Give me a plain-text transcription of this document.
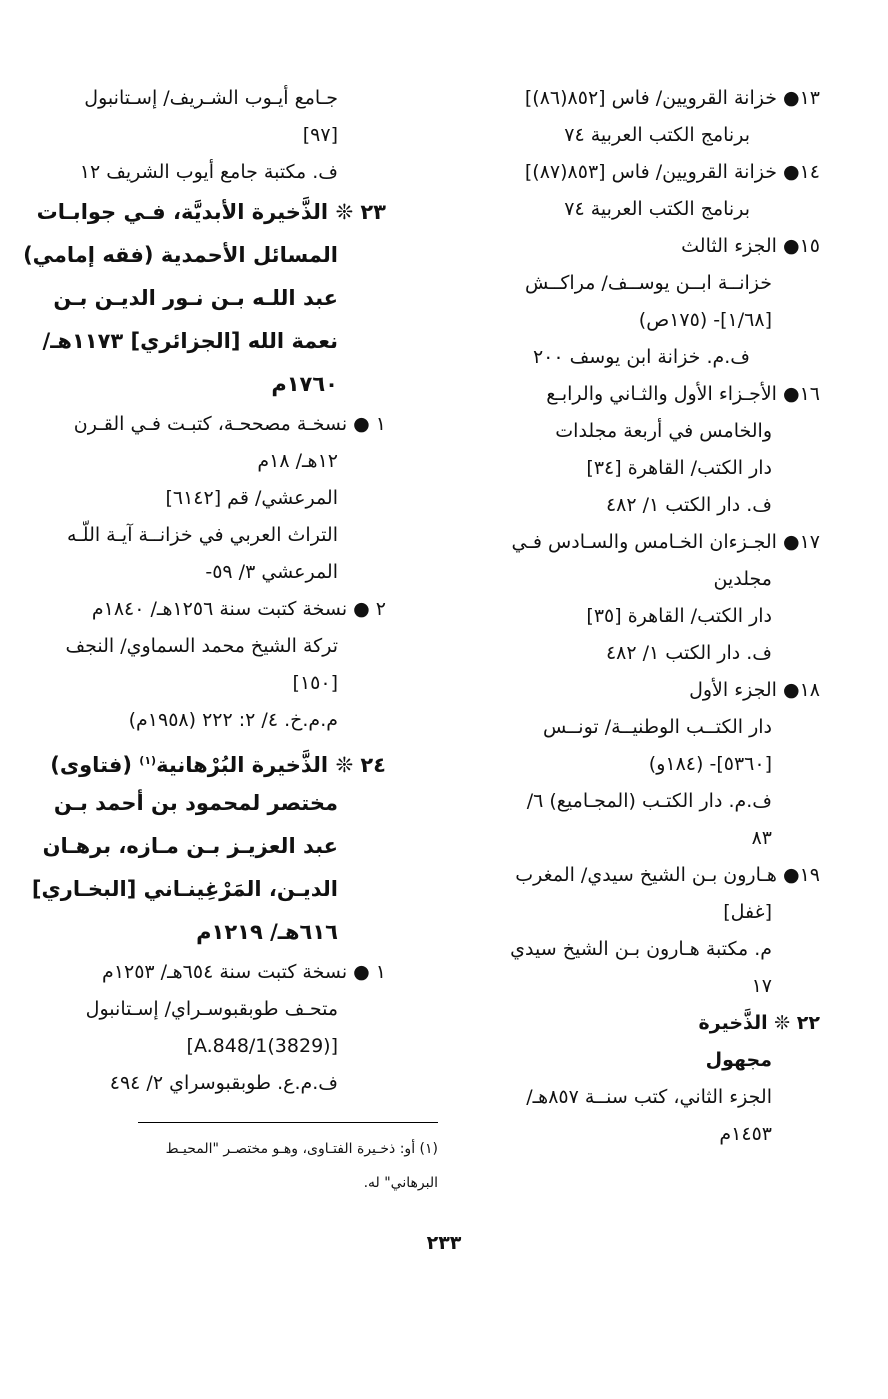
١٣● خزانة القرويين/ فاس [٨٥٢(٨٦)]
برنامج الكتب العربية ٧٤
١٤● خزانة القرويين/ فاس [٨٥٣(٨٧)]
برنامج الكتب العربية ٧٤
١٥● الجزء الثالث
خزانــة ابــن يوســف/ مراكــش
[١/٦٨]- (١٧٥ص)
ف.م. خزانة ابن يوسف ٢٠٠
١٦● الأجـزاء الأول والثـاني والرابـع
والخامس في أربعة مجلدات
دار الكتب/ القاهرة [٣٤]
ف. دار الكتب ١/ ٤٨٢
١٧● الجـزءان الخـامس والسـادس فـي
مجلدين
دار الكتب/ القاهرة [٣٥]
ف. دار الكتب ١/ ٤٨٢
١٨● الجزء الأول
دار الكتــب الوطنيــة/ تونــس
[٥٣٦٠]- (١٨٤و)
ف.م. دار الكتـب (المجـاميع) ٦/
٨٣
١٩● هـارون بـن الشيخ سيدي/ المغرب
[غفل]
م. مكتبة هـارون بـن الشيخ سيدي
١٧
٢٢ ❊ الذَّخيرة
مجهول
الجزء الثاني، كتب سنــة ٨٥٧هـ/
١٤٥٣م
جـامع أيـوب الشـريف/ إسـتانبول
[٩٧]
ف. مكتبة جامع أيوب الشريف ١٢
٢٣ ❊ الذَّخيرة الأبديَّة، فـي جوابـات
المسائل الأحمدية (فقه إمامي)
عبد اللـه بـن نـور الديـن بـن
نعمة الله [الجزائري] ١١٧٣هـ/
١٧٦٠م
١ ● نسخـة مصححـة، كتبـت فـي القـرن
١٢هـ/ ١٨م
المرعشي/ قم [٦١٤٢]
التراث العربي في خزانــة آيـة اللّـه
المرعشي ٣/ ٥٩-
٢ ● نسخة كتبت سنة ١٢٥٦هـ/ ١٨٤٠م
تركة الشيخ محمد السماوي/ النجف
[١٥٠]
م.م.خ. ٤/ ٢: ٢٢٢ (١٩٥٨م)
٢٤ ❊ الذَّخيرة البُرْهانية$^{(١)}$ (فتاوى)
مختصر لمحمود بن أحمد بـن
عبد العزيـز بـن مـازه، برهـان
الديـن، المَرْغِينـاني [البخـاري]
٦١٦هـ/ ١٢١٩م
١ ● نسخة كتبت سنة ٦٥٤هـ/ ١٢٥٣م
متحـف طوبقبوسـراي/ إسـتانبول
[A.848/1(3829)]
ف.م.ع. طوبقبوسراي ٢/ ٤٩٤
(١) أو: ذخـيرة الفتـاوى، وهـو مختصـر "المحيـط
البرهاني" له.
٢٣٣
